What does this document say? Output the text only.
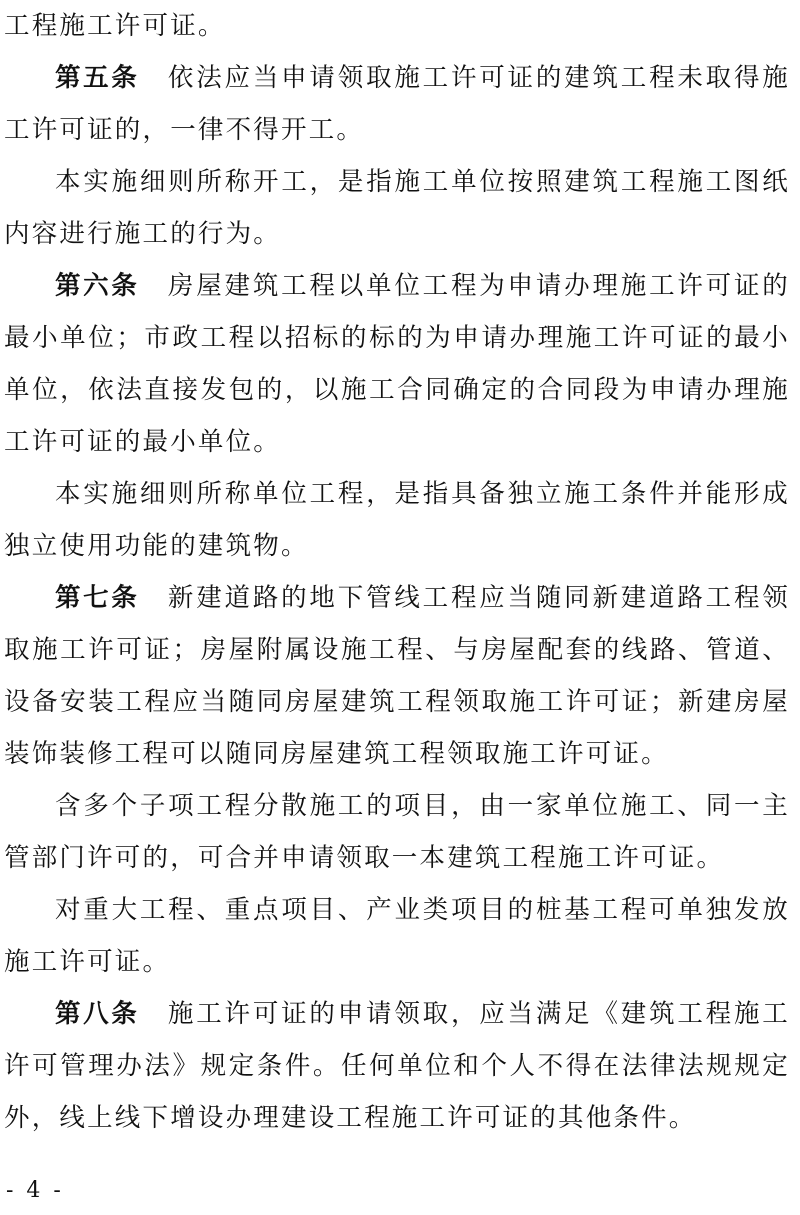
工程施工许可证。

第五条 依法应当申请领取施工许可证的建筑工程未取得施工许可证的，一律不得开工。

本实施细则所称开工，是指施工单位按照建筑工程施工图纸内容进行施工的行为。

第六条 房屋建筑工程以单位工程为申请办理施工许可证的最小单位；市政工程以招标的标的为申请办理施工许可证的最小单位，依法直接发包的，以施工合同确定的合同段为申请办理施工许可证的最小单位。

本实施细则所称单位工程，是指具备独立施工条件并能形成独立使用功能的建筑物。

第七条 新建道路的地下管线工程应当随同新建道路工程领取施工许可证；房屋附属设施工程、与房屋配套的线路、管道、设备安装工程应当随同房屋建筑工程领取施工许可证；新建房屋装饰装修工程可以随同房屋建筑工程领取施工许可证。

含多个子项工程分散施工的项目，由一家单位施工、同一主管部门许可的，可合并申请领取一本建筑工程施工许可证。

对重大工程、重点项目、产业类项目的桩基工程可单独发放施工许可证。

第八条 施工许可证的申请领取，应当满足《建筑工程施工许可管理办法》规定条件。任何单位和个人不得在法律法规规定外，线上线下增设办理建设工程施工许可证的其他条件。

- 4 -
